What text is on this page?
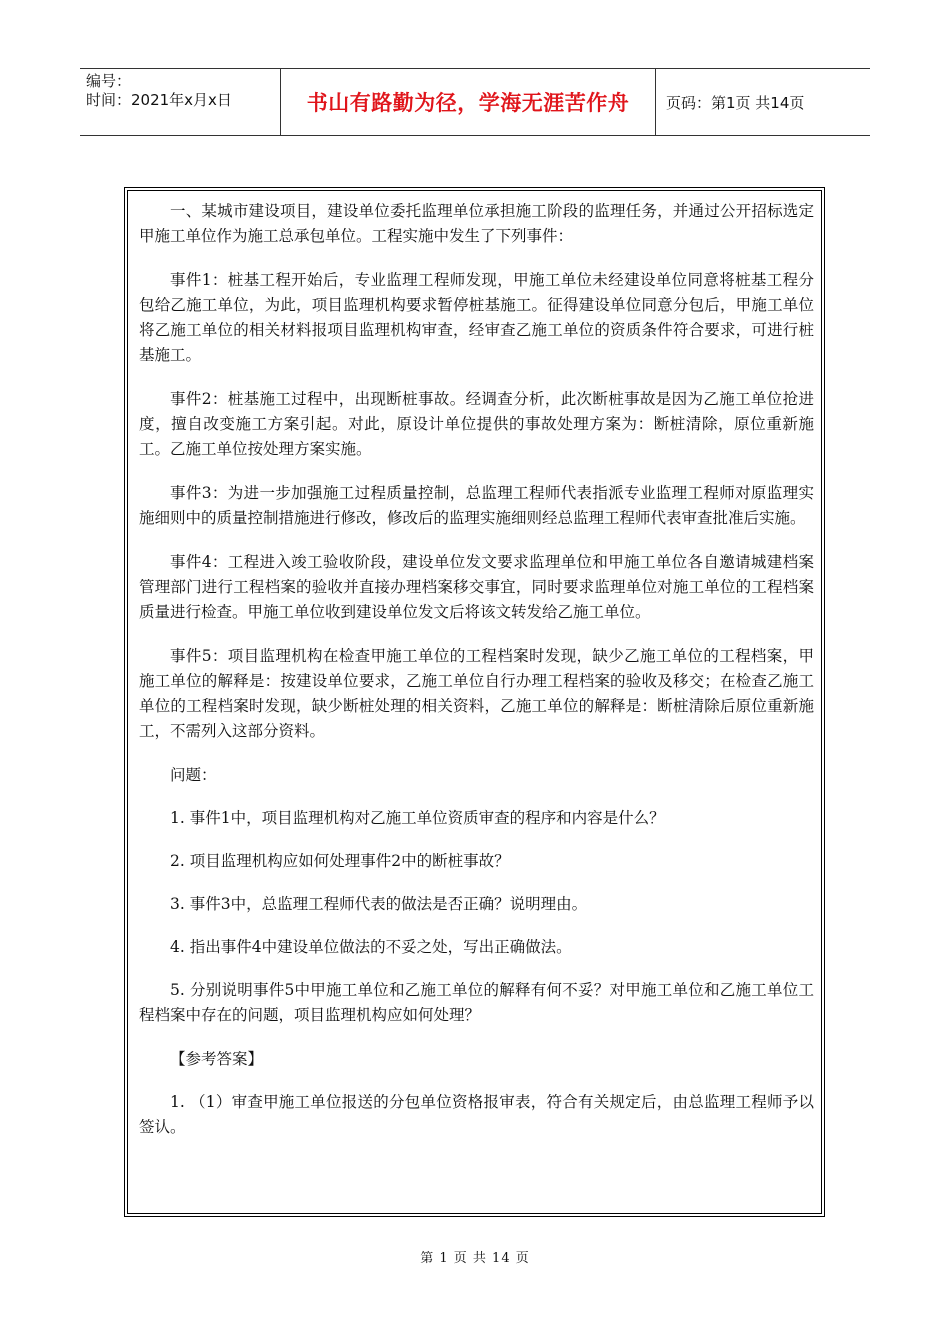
编号：
时间：2021年x月x日	书山有路勤为径，学海无涯苦作舟	页码：第1页 共14页

一、某城市建设项目，建设单位委托监理单位承担施工阶段的监理任务，并通过公开招标选定甲施工单位作为施工总承包单位。工程实施中发生了下列事件：

事件1：桩基工程开始后，专业监理工程师发现，甲施工单位未经建设单位同意将桩基工程分包给乙施工单位，为此，项目监理机构要求暂停桩基施工。征得建设单位同意分包后，甲施工单位将乙施工单位的相关材料报项目监理机构审查，经审查乙施工单位的资质条件符合要求，可进行桩基施工。

事件2：桩基施工过程中，出现断桩事故。经调查分析，此次断桩事故是因为乙施工单位抢进度，擅自改变施工方案引起。对此，原设计单位提供的事故处理方案为：断桩清除，原位重新施工。乙施工单位按处理方案实施。

事件3：为进一步加强施工过程质量控制，总监理工程师代表指派专业监理工程师对原监理实施细则中的质量控制措施进行修改，修改后的监理实施细则经总监理工程师代表审查批准后实施。

事件4：工程进入竣工验收阶段，建设单位发文要求监理单位和甲施工单位各自邀请城建档案管理部门进行工程档案的验收并直接办理档案移交事宜，同时要求监理单位对施工单位的工程档案质量进行检查。甲施工单位收到建设单位发文后将该文转发给乙施工单位。

事件5：项目监理机构在检查甲施工单位的工程档案时发现，缺少乙施工单位的工程档案，甲施工单位的解释是：按建设单位要求，乙施工单位自行办理工程档案的验收及移交；在检查乙施工单位的工程档案时发现，缺少断桩处理的相关资料，乙施工单位的解释是：断桩清除后原位重新施工，不需列入这部分资料。

问题：

1. 事件1中，项目监理机构对乙施工单位资质审查的程序和内容是什么？

2. 项目监理机构应如何处理事件2中的断桩事故？

3. 事件3中，总监理工程师代表的做法是否正确？说明理由。

4. 指出事件4中建设单位做法的不妥之处，写出正确做法。

5. 分别说明事件5中甲施工单位和乙施工单位的解释有何不妥？对甲施工单位和乙施工单位工程档案中存在的问题，项目监理机构应如何处理？

【参考答案】

1. （1）审查甲施工单位报送的分包单位资格报审表，符合有关规定后，由总监理工程师予以签认。

第 1 页 共 14 页
